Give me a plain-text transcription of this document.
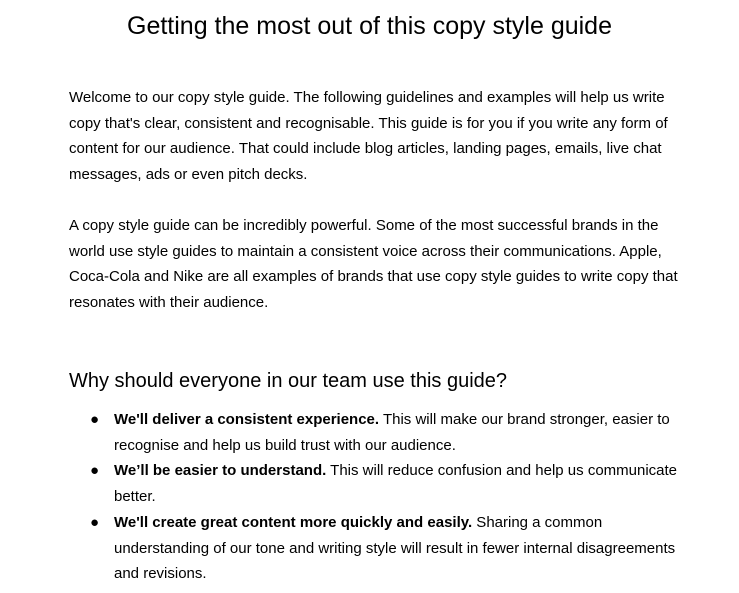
Getting the most out of this copy style guide

Welcome to our copy style guide. The following guidelines and examples will help us write copy that's clear, consistent and recognisable. This guide is for you if you write any form of content for our audience. That could include blog articles, landing pages, emails, live chat messages, ads or even pitch decks.

A copy style guide can be incredibly powerful. Some of the most successful brands in the world use style guides to maintain a consistent voice across their communications. Apple, Coca-Cola and Nike are all examples of brands that use copy style guides to write copy that resonates with their audience.

Why should everyone in our team use this guide?
● We'll deliver a consistent experience. This will make our brand stronger, easier to recognise and help us build trust with our audience.
● We’ll be easier to understand. This will reduce confusion and help us communicate better.
● We'll create great content more quickly and easily. Sharing a common understanding of our tone and writing style will result in fewer internal disagreements and revisions.
